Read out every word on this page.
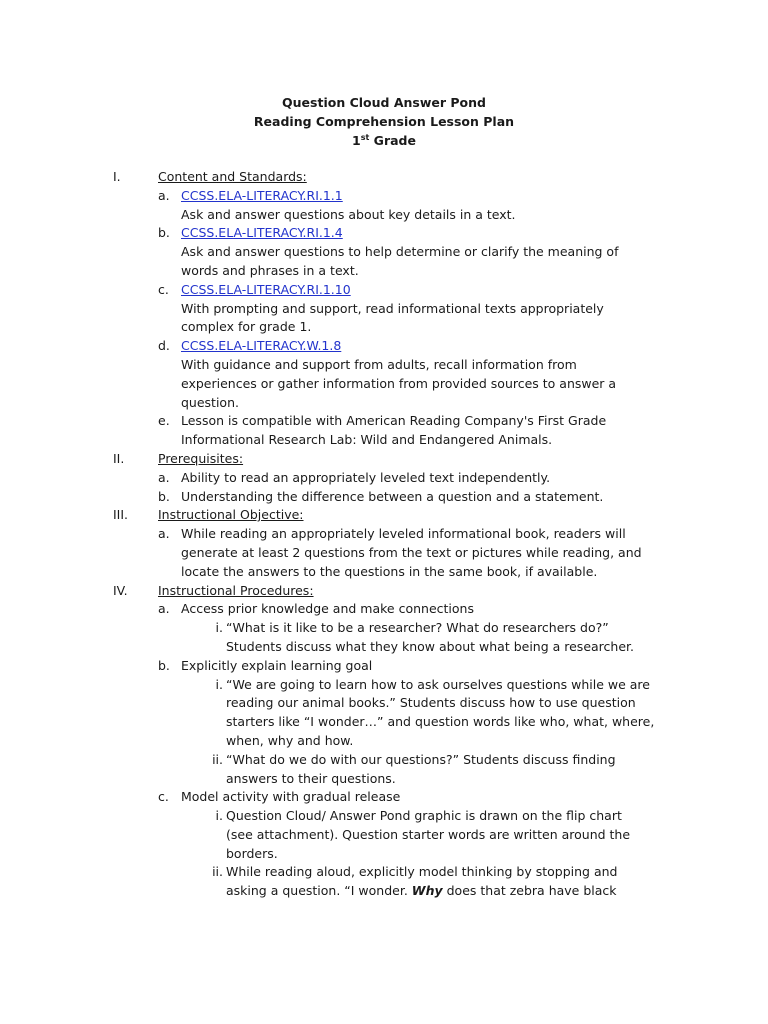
Question Cloud Answer Pond
Reading Comprehension Lesson Plan
1st Grade
I.	Content and Standards:
a. CCSS.ELA-LITERACY.RI.1.1
Ask and answer questions about key details in a text.
b. CCSS.ELA-LITERACY.RI.1.4
Ask and answer questions to help determine or clarify the meaning of
words and phrases in a text.
c. CCSS.ELA-LITERACY.RI.1.10
With prompting and support, read informational texts appropriately
complex for grade 1.
d. CCSS.ELA-LITERACY.W.1.8
With guidance and support from adults, recall information from
experiences or gather information from provided sources to answer a
question.
e. Lesson is compatible with American Reading Company's First Grade
Informational Research Lab: Wild and Endangered Animals.
II.	Prerequisites:
a. Ability to read an appropriately leveled text independently.
b. Understanding the difference between a question and a statement.
III. Instructional Objective:
a. While reading an appropriately leveled informational book, readers will
generate at least 2 questions from the text or pictures while reading, and
locate the answers to the questions in the same book, if available.
IV. Instructional Procedures:
a. Access prior knowledge and make connections
i. “What is it like to be a researcher? What do researchers do?”
Students discuss what they know about what being a researcher.
b. Explicitly explain learning goal
i. “We are going to learn how to ask ourselves questions while we are
reading our animal books.” Students discuss how to use question
starters like “I wonder…” and question words like who, what, where,
when, why and how.
ii. “What do we do with our questions?” Students discuss finding
answers to their questions.
c. Model activity with gradual release
i. Question Cloud/ Answer Pond graphic is drawn on the flip chart
(see attachment). Question starter words are written around the
borders.
ii. While reading aloud, explicitly model thinking by stopping and
asking a question. “I wonder. Why does that zebra have black
